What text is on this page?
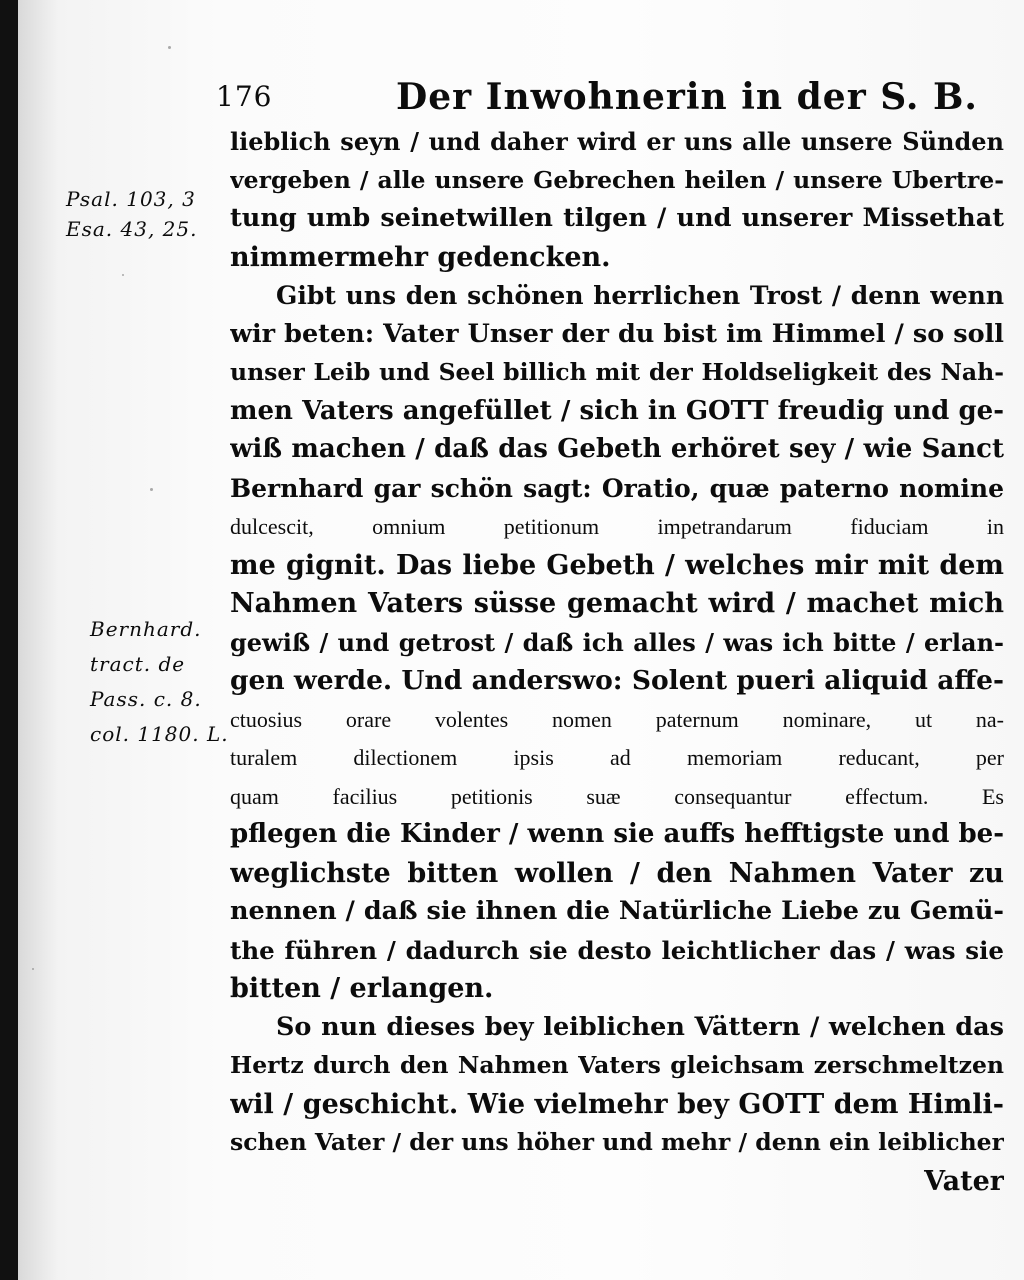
176	Der Inwohnerin in der S. B.
Psal. 103, 3
Esa. 43, 25.
Bernhard.
tract. de
Pass. c. 8.
col. 1180. L.
lieblich seyn / und daher wird er uns alle unsere Sünden
vergeben / alle unsere Gebrechen heilen / unsere Ubertre-
tung umb seinetwillen tilgen / und unserer Missethat
nimmermehr gedencken.
Gibt uns den schönen herrlichen Trost / denn wenn
wir beten: Vater Unser der du bist im Himmel / so soll
unser Leib und Seel billich mit der Holdseligkeit des Nah-
men Vaters angefüllet / sich in GOTT freudig und ge-
wiß machen / daß das Gebeth erhöret sey / wie Sanct
Bernhard gar schön sagt: Oratio, quæ paterno nomine
dulcescit, omnium petitionum impetrandarum fiduciam in
me gignit. Das liebe Gebeth / welches mir mit dem
Nahmen Vaters süsse gemacht wird / machet mich
gewiß / und getrost / daß ich alles / was ich bitte / erlan-
gen werde. Und anderswo: Solent pueri aliquid affe-
ctuosius orare volentes nomen paternum nominare, ut na-
turalem dilectionem ipsis ad memoriam reducant, per
quam facilius petitionis suæ consequantur effectum. Es
pflegen die Kinder / wenn sie auffs hefftigste und be-
weglichste bitten wollen / den Nahmen Vater zu
nennen / daß sie ihnen die Natürliche Liebe zu Gemü-
the führen / dadurch sie desto leichtlicher das / was sie
bitten / erlangen.
So nun dieses bey leiblichen Vättern / welchen das
Hertz durch den Nahmen Vaters gleichsam zerschmeltzen
wil / geschicht. Wie vielmehr bey GOTT dem Himli-
schen Vater / der uns höher und mehr / denn ein leiblicher
Vater
